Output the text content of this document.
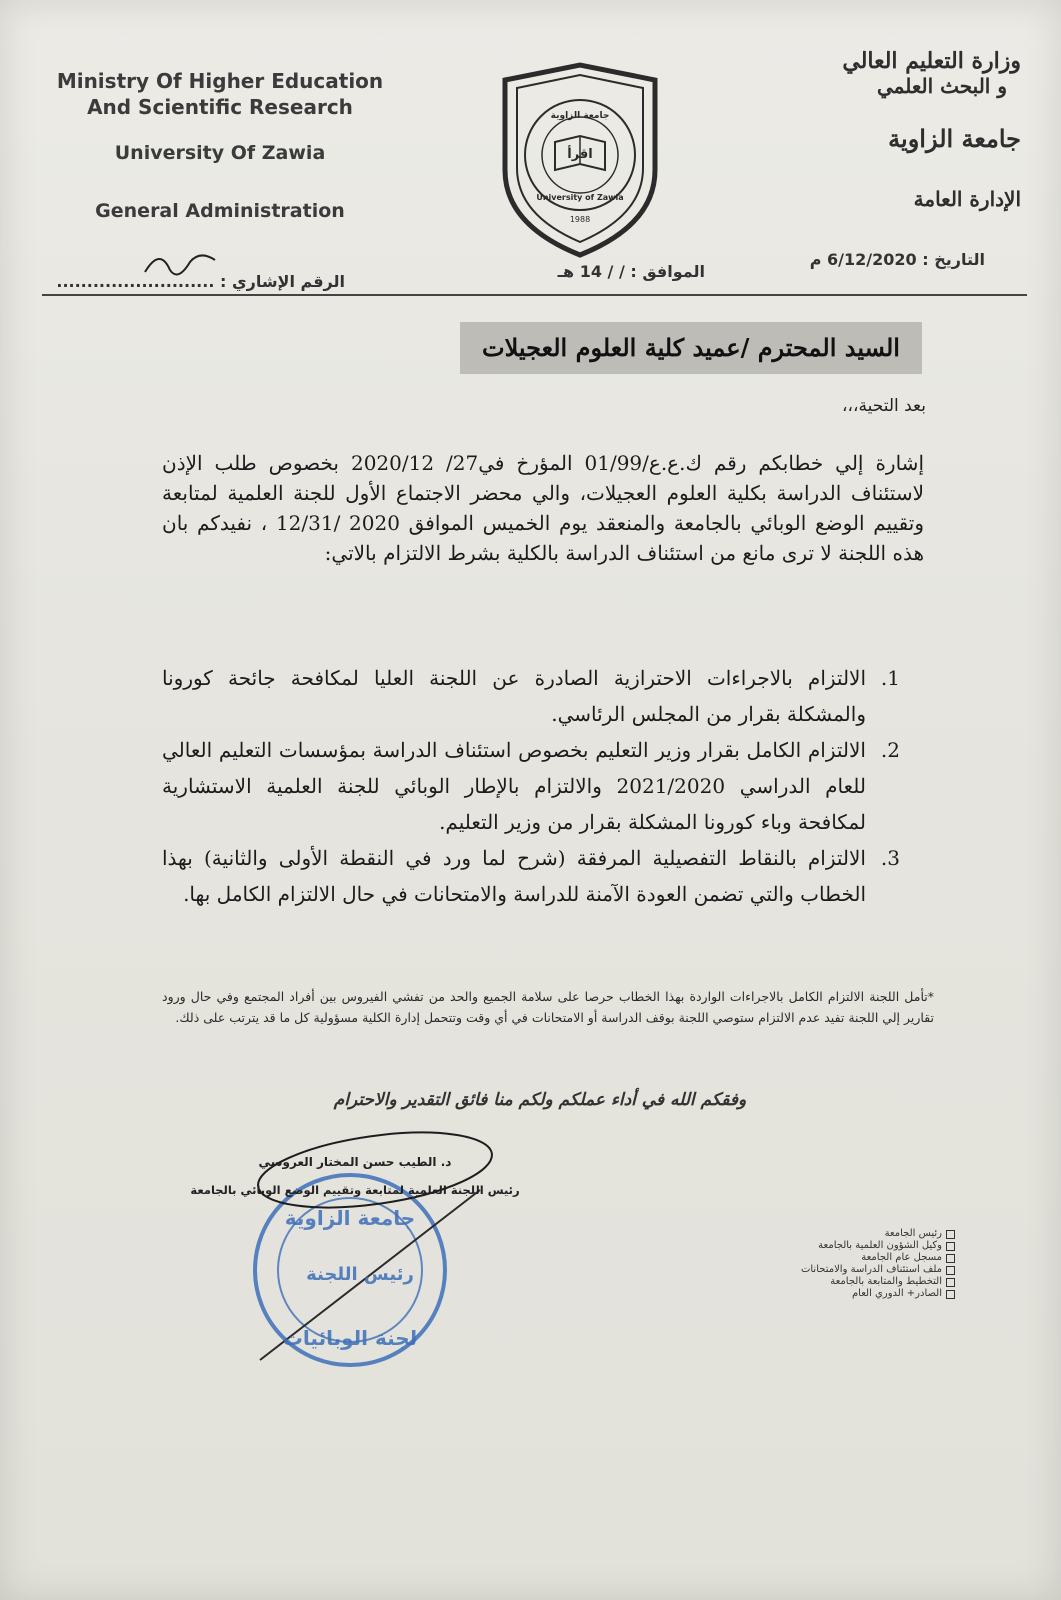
Ministry Of Higher Education
And Scientific Research
University Of Zawia
General Administration
وزارة التعليم العالي
و البحث العلمي
جامعة الزاوية
الإدارة العامة
اقرأ
جامعة الزاوية
University of Zawia
1988
التاريخ : 6/12/2020 م
الموافق : / / 14 هـ
الرقم الإشاري : ..........................
السيد المحترم /عميد كلية العلوم العجيلات
بعد التحية،،،
إشارة إلي خطابكم رقم ك.ع.ع/01/99 المؤرخ في27/ 2020/12 بخصوص طلب الإذن لاستئناف الدراسة بكلية العلوم العجيلات، والي محضر الاجتماع الأول للجنة العلمية لمتابعة وتقييم الوضع الوبائي بالجامعة والمنعقد يوم الخميس الموافق 2020 /12/31 ، نفيدكم بان هذه اللجنة لا ترى مانع من استئناف الدراسة بالكلية بشرط الالتزام بالاتي:
1.
الالتزام بالاجراءات الاحترازية الصادرة عن اللجنة العليا لمكافحة جائحة كورونا والمشكلة بقرار من المجلس الرئاسي.
2.
الالتزام الكامل بقرار وزير التعليم بخصوص استئناف الدراسة بمؤسسات التعليم العالي للعام الدراسي 2021/2020 والالتزام بالإطار الوبائي للجنة العلمية الاستشارية لمكافحة وباء كورونا المشكلة بقرار من وزير التعليم.
3.
الالتزام بالنقاط التفصيلية المرفقة (شرح لما ورد في النقطة الأولى والثانية) بهذا الخطاب والتي تضمن العودة الآمنة للدراسة والامتحانات في حال الالتزام الكامل بها.
*تأمل اللجنة الالتزام الكامل بالاجراءات الواردة بهذا الخطاب حرصا على سلامة الجميع والحد من تفشي الفيروس بين أفراد المجتمع وفي حال ورود تقارير إلي اللجنة تفيد عدم الالتزام ستوصي اللجنة بوقف الدراسة أو الامتحانات في أي وقت وتتحمل إدارة الكلية مسؤولية كل ما قد يترتب على ذلك.
وفقكم الله في أداء عملكم ولكم منا فائق التقدير والاحترام
جامعة الزاوية
رئيس اللجنة
لجنة الوبائيات
د. الطيب حسن المختار العروسي
رئيس اللجنة العلمية لمتابعة وتقييم الوضع الوبائي بالجامعة
رئيس الجامعة
وكيل الشؤون العلمية بالجامعة
مسجل عام الجامعة
ملف استئناف الدراسة والامتحانات
التخطيط والمتابعة بالجامعة
الصادر+ الدوري العام
